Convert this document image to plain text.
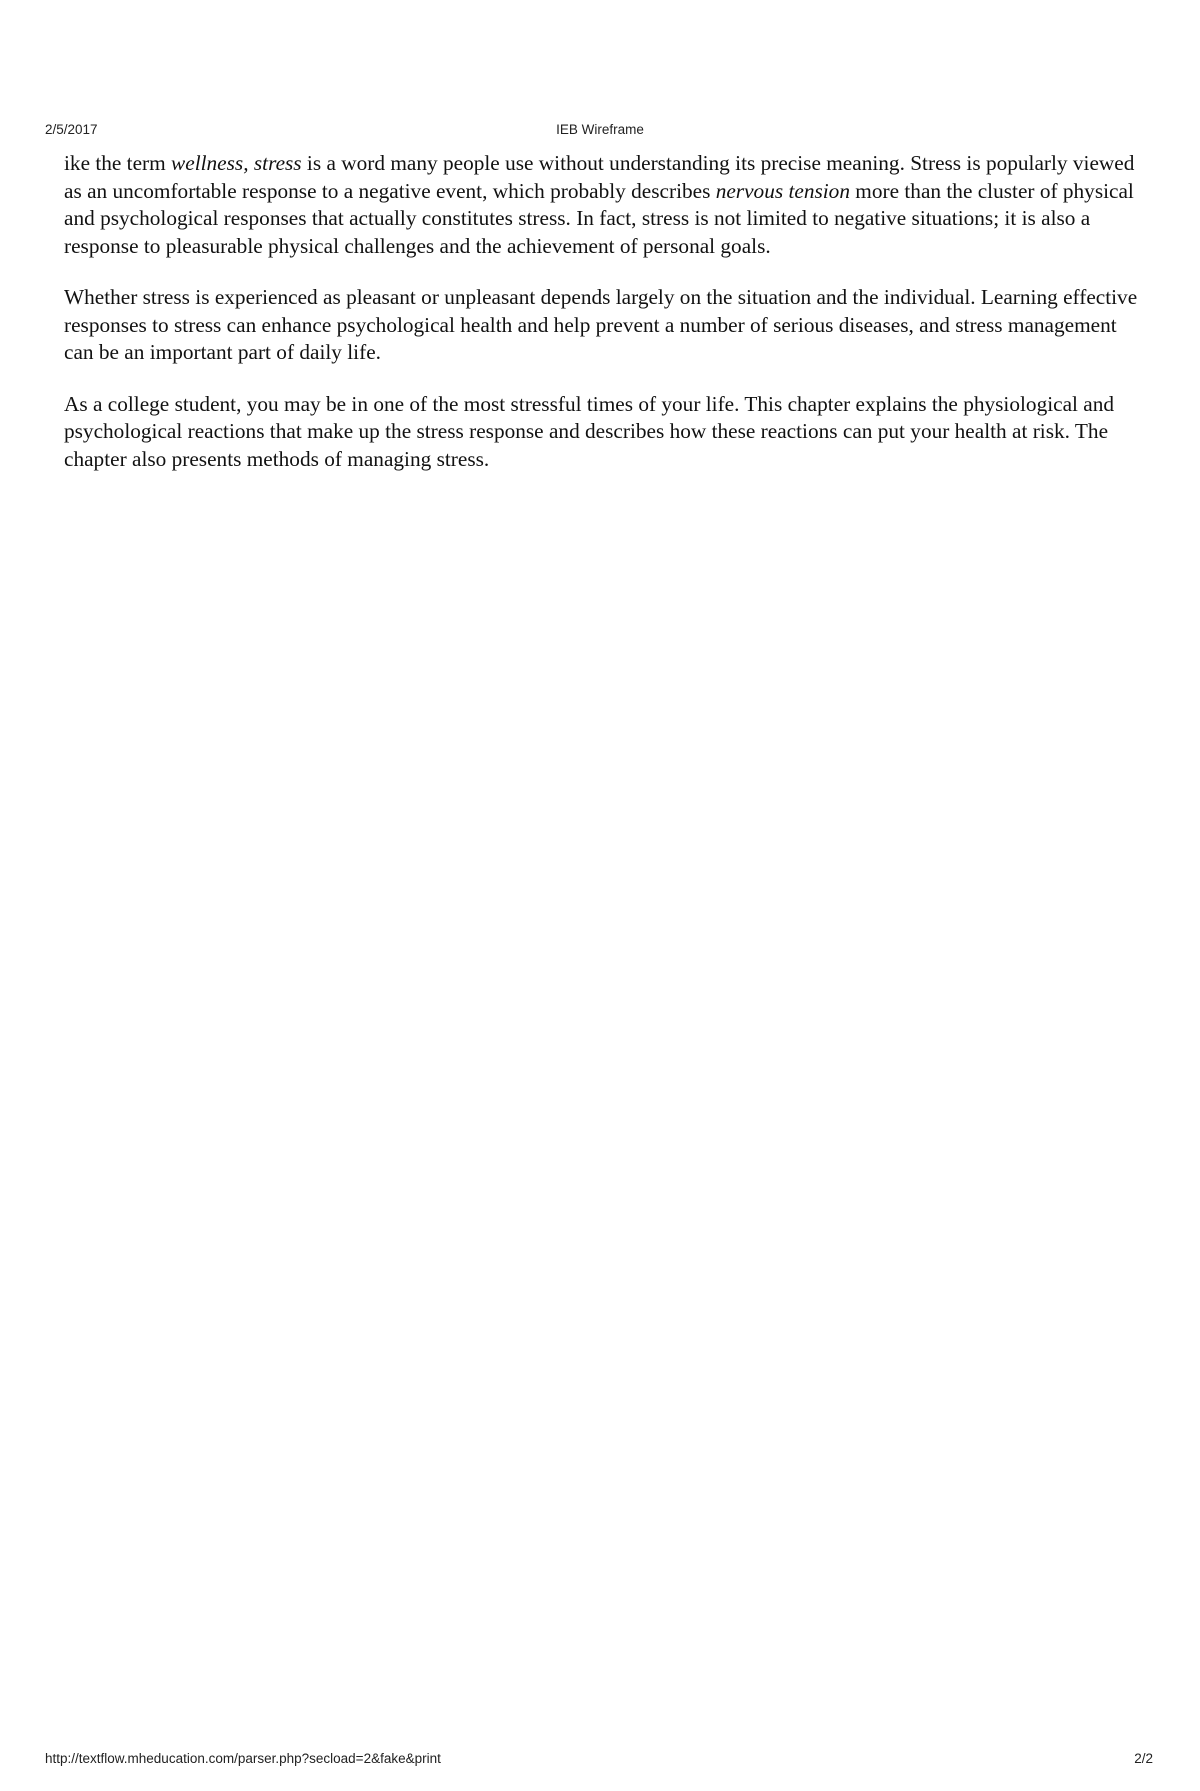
2/5/2017	IEB Wireframe

ike the term wellness, stress is a word many people use without understanding its precise meaning. Stress is popularly viewed as an uncomfortable response to a negative event, which probably describes nervous tension more than the cluster of physical and psychological responses that actually constitutes stress. In fact, stress is not limited to negative situations; it is also a response to pleasurable physical challenges and the achievement of personal goals.

Whether stress is experienced as pleasant or unpleasant depends largely on the situation and the individual. Learning effective responses to stress can enhance psychological health and help prevent a number of serious diseases, and stress management can be an important part of daily life.

As a college student, you may be in one of the most stressful times of your life. This chapter explains the physiological and psychological reactions that make up the stress response and describes how these reactions can put your health at risk. The chapter also presents methods of managing stress.

http://textflow.mheducation.com/parser.php?secload=2&fake&print	2/2
